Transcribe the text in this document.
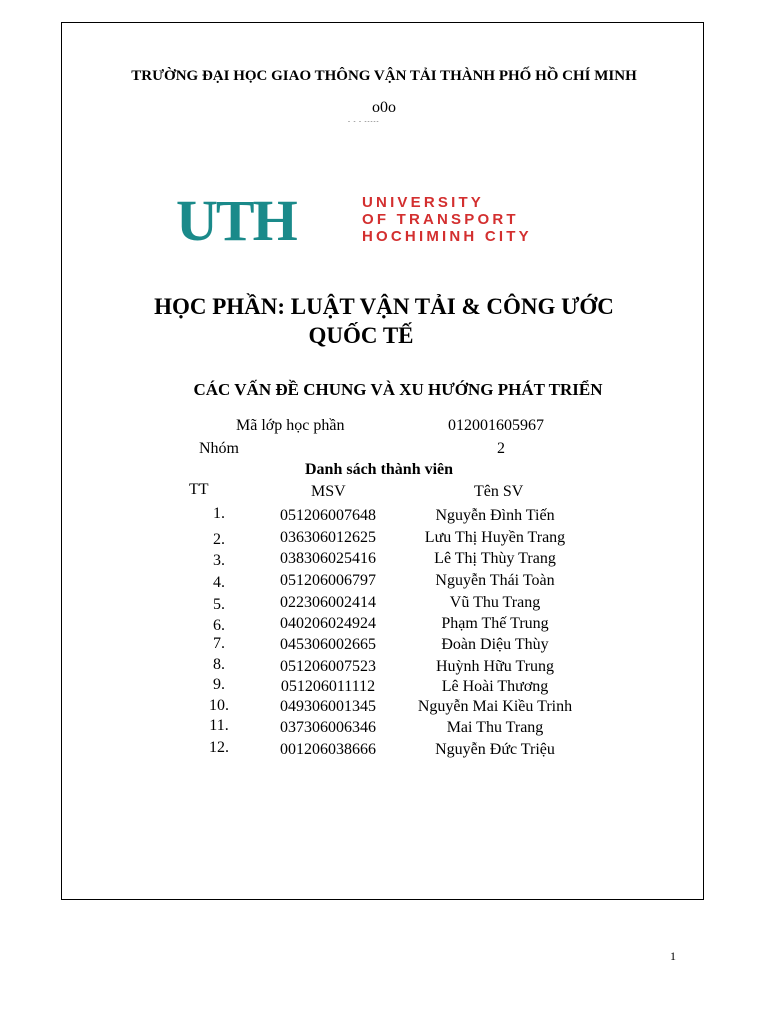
TRƯỜNG ĐẠI HỌC GIAO THÔNG VẬN TẢI THÀNH PHỐ HỒ CHÍ MINH
o0o
- - - -----
UTH	UNIVERSITY
OF TRANSPORT
HOCHIMINH CITY
HỌC PHẦN: LUẬT VẬN TẢI & CÔNG ƯỚC
QUỐC TẾ
CÁC VẤN ĐỀ CHUNG VÀ XU HƯỚNG PHÁT TRIỂN
Mã lớp học phần	012001605967
Nhóm	2
Danh sách thành viên
TT	MSV	Tên SV
1.	051206007648	Nguyễn Đình Tiến
2.	036306012625	Lưu Thị Huyền Trang
3.	038306025416	Lê Thị Thùy Trang
4.	051206006797	Nguyễn Thái Toàn
5.	022306002414	Vũ Thu Trang
6.	040206024924	Phạm Thế Trung
7.	045306002665	Đoàn Diệu Thùy
8.	051206007523	Huỳnh Hữu Trung
9.	051206011112	Lê Hoài Thương
10.	049306001345	Nguyễn Mai Kiều Trinh
11.	037306006346	Mai Thu Trang
12.	001206038666	Nguyễn Đức Triệu
1
